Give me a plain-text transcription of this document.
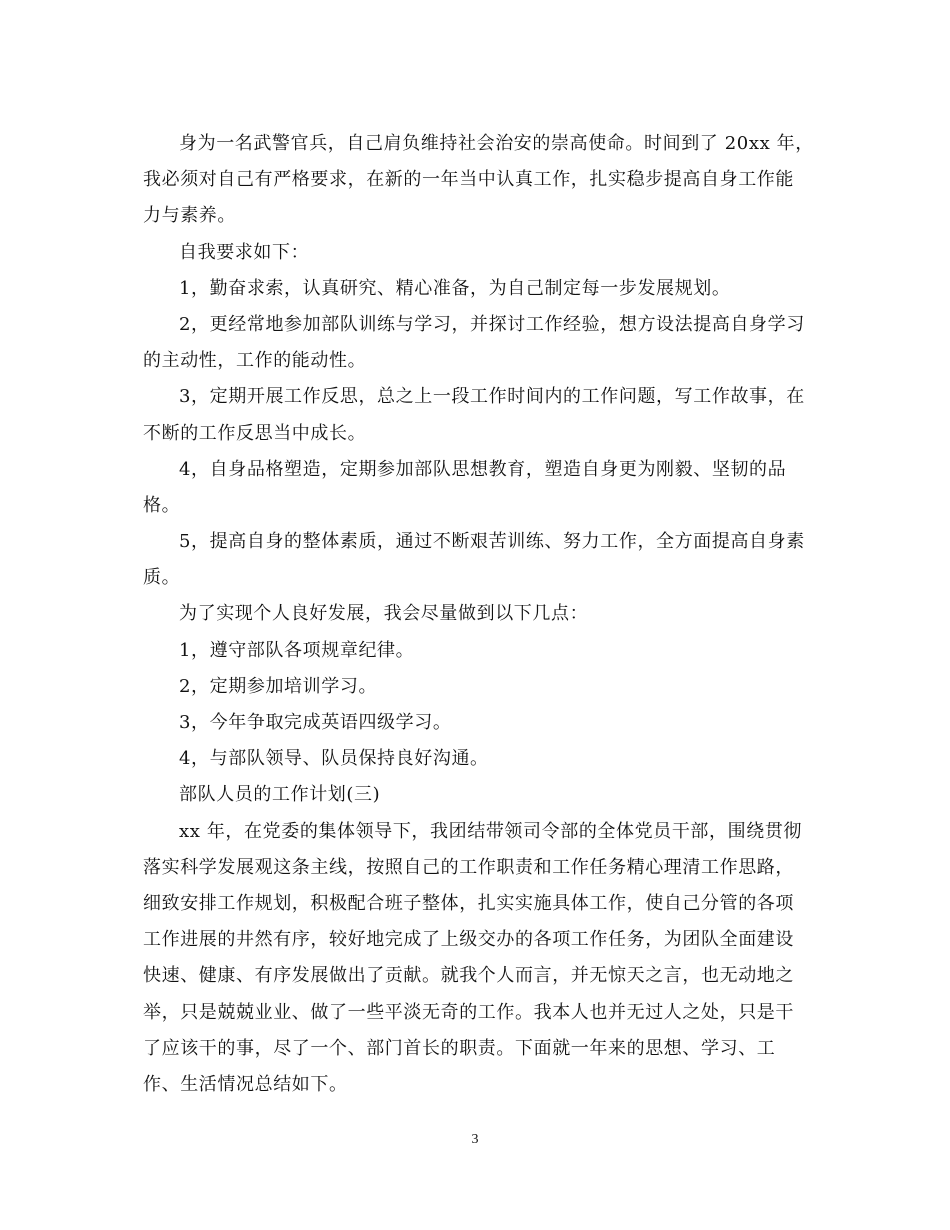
身为一名武警官兵，自己肩负维持社会治安的崇高使命。时间到了 20xx 年，
我必须对自己有严格要求，在新的一年当中认真工作，扎实稳步提高自身工作能
力与素养。
自我要求如下：
1，勤奋求索，认真研究、精心准备，为自己制定每一步发展规划。
2，更经常地参加部队训练与学习，并探讨工作经验，想方设法提高自身学习
的主动性，工作的能动性。
3，定期开展工作反思，总之上一段工作时间内的工作问题，写工作故事，在
不断的工作反思当中成长。
4，自身品格塑造，定期参加部队思想教育，塑造自身更为刚毅、坚韧的品
格。
5，提高自身的整体素质，通过不断艰苦训练、努力工作，全方面提高自身素
质。
为了实现个人良好发展，我会尽量做到以下几点：
1，遵守部队各项规章纪律。
2，定期参加培训学习。
3，今年争取完成英语四级学习。
4，与部队领导、队员保持良好沟通。
部队人员的工作计划(三)
xx 年，在党委的集体领导下，我团结带领司令部的全体党员干部，围绕贯彻
落实科学发展观这条主线，按照自己的工作职责和工作任务精心理清工作思路，
细致安排工作规划，积极配合班子整体，扎实实施具体工作，使自己分管的各项
工作进展的井然有序，较好地完成了上级交办的各项工作任务，为团队全面建设
快速、健康、有序发展做出了贡献。就我个人而言，并无惊天之言，也无动地之
举，只是兢兢业业、做了一些平淡无奇的工作。我本人也并无过人之处，只是干
了应该干的事，尽了一个、部门首长的职责。下面就一年来的思想、学习、工
作、生活情况总结如下。
3
